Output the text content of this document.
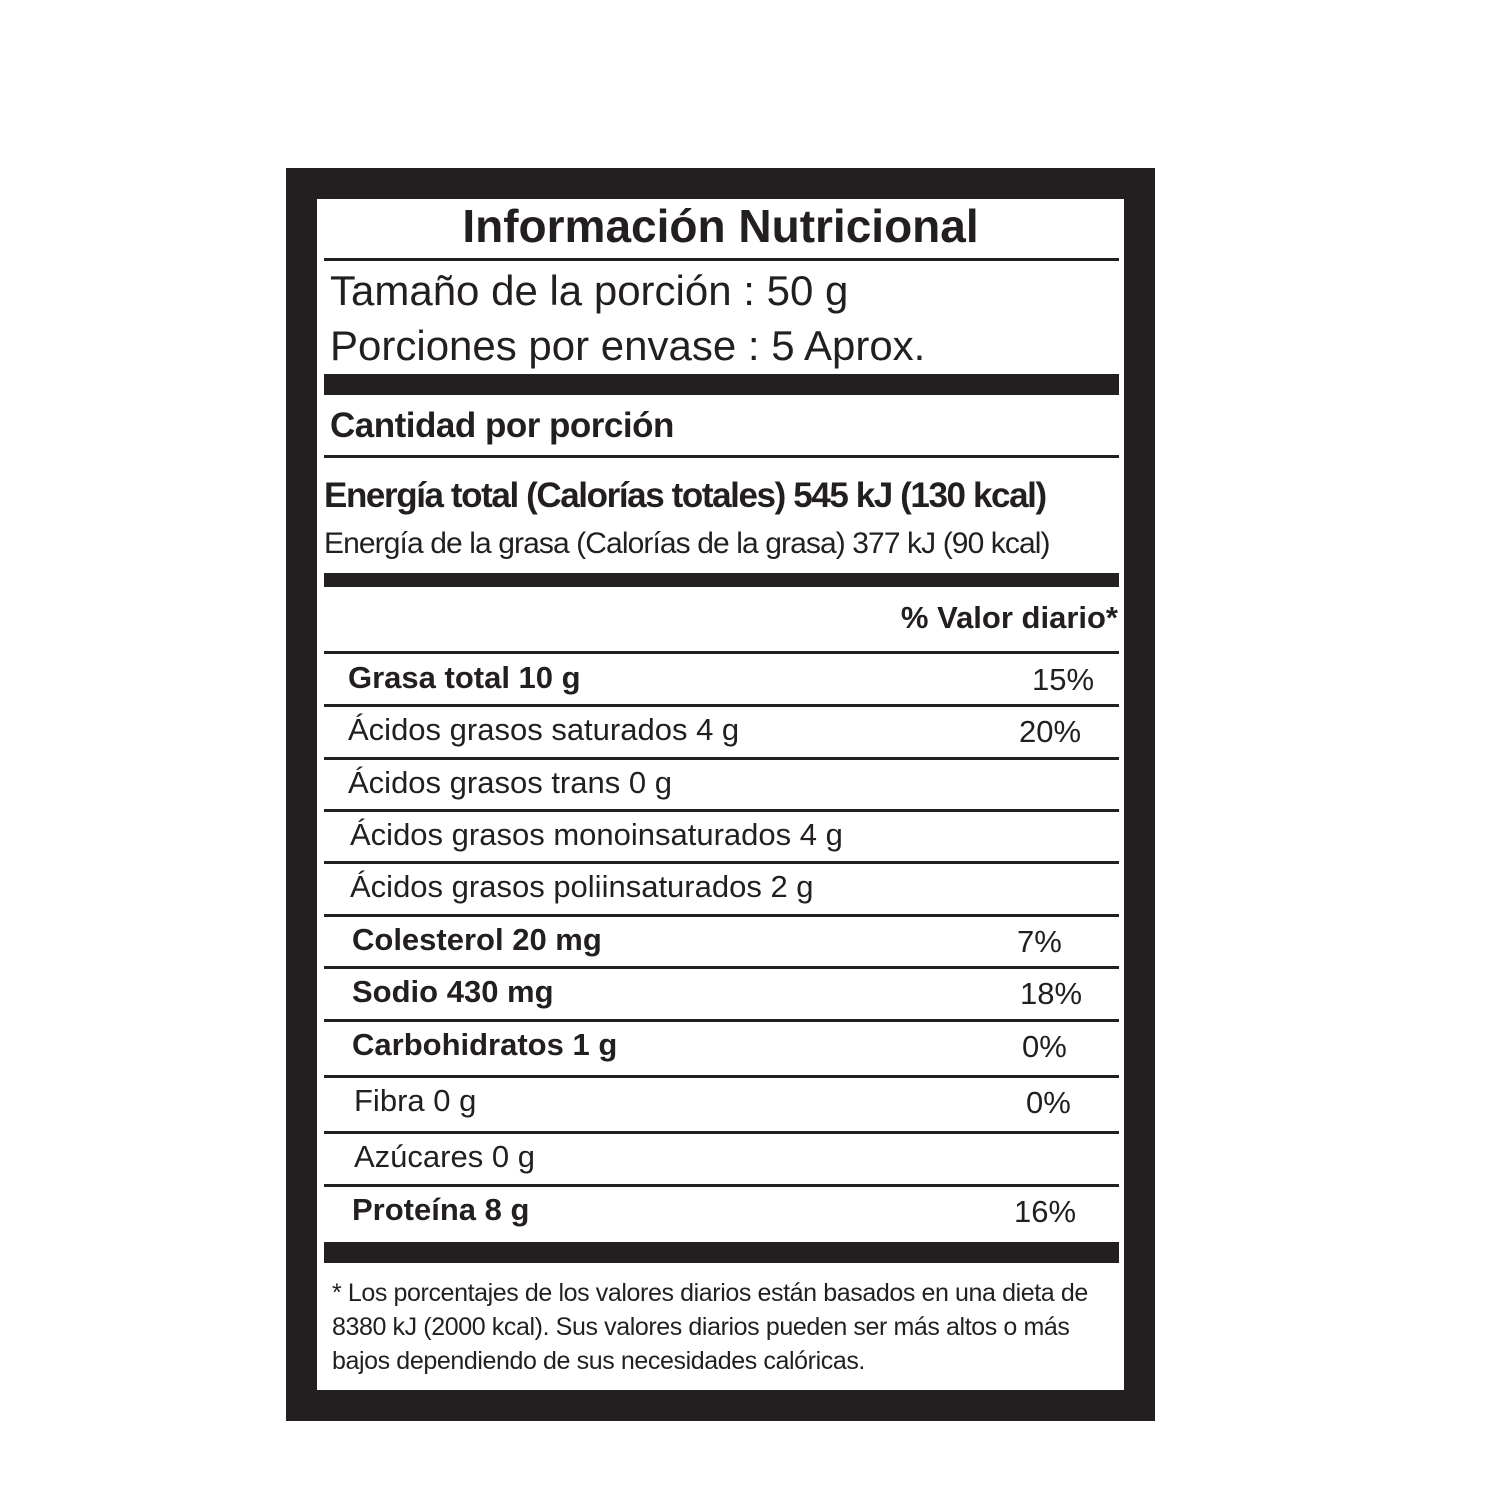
Información Nutricional
Tamaño de la porción : 50 g
Porciones por envase : 5 Aprox.
Cantidad por porción
Energía total (Calorías totales) 545 kJ (130 kcal)
Energía de la grasa (Calorías de la grasa) 377 kJ (90 kcal)
% Valor diario*
Grasa total 10 g	15%
Ácidos grasos saturados 4 g	20%
Ácidos grasos trans 0 g
Ácidos grasos monoinsaturados 4 g
Ácidos grasos poliinsaturados 2 g
Colesterol 20 mg	7%
Sodio 430 mg	18%
Carbohidratos 1 g	0%
Fibra 0 g	0%
Azúcares 0 g
Proteína 8 g	16%
* Los porcentajes de los valores diarios están basados en una dieta de 8380 kJ (2000 kcal). Sus valores diarios pueden ser más altos o más bajos dependiendo de sus necesidades calóricas.
